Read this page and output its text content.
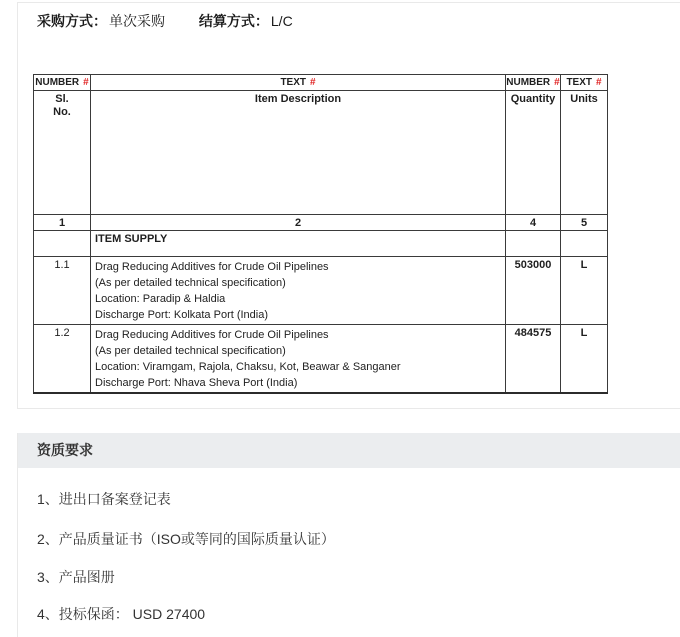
采购方式： 单次采购 结算方式： L/C
NUMBER #	TEXT #	NUMBER #	TEXT #

Sl.
No.	Item Description	Quantity	Units
1	2	4	5
	ITEM SUPPLY		
1.1	Drag Reducing Additives for Crude Oil Pipelines
(As per detailed technical specification)
Location: Paradip & Haldia
Discharge Port: Kolkata Port (India)	503000	L
1.2	Drag Reducing Additives for Crude Oil Pipelines
(As per detailed technical specification)
Location: Viramgam, Rajola, Chaksu, Kot, Beawar & Sanganer
Discharge Port: Nhava Sheva Port (India)	484575	L
资质要求
1、进出口备案登记表
2、产品质量证书（ISO或等同的国际质量认证）
3、产品图册
4、投标保函： USD 27400
